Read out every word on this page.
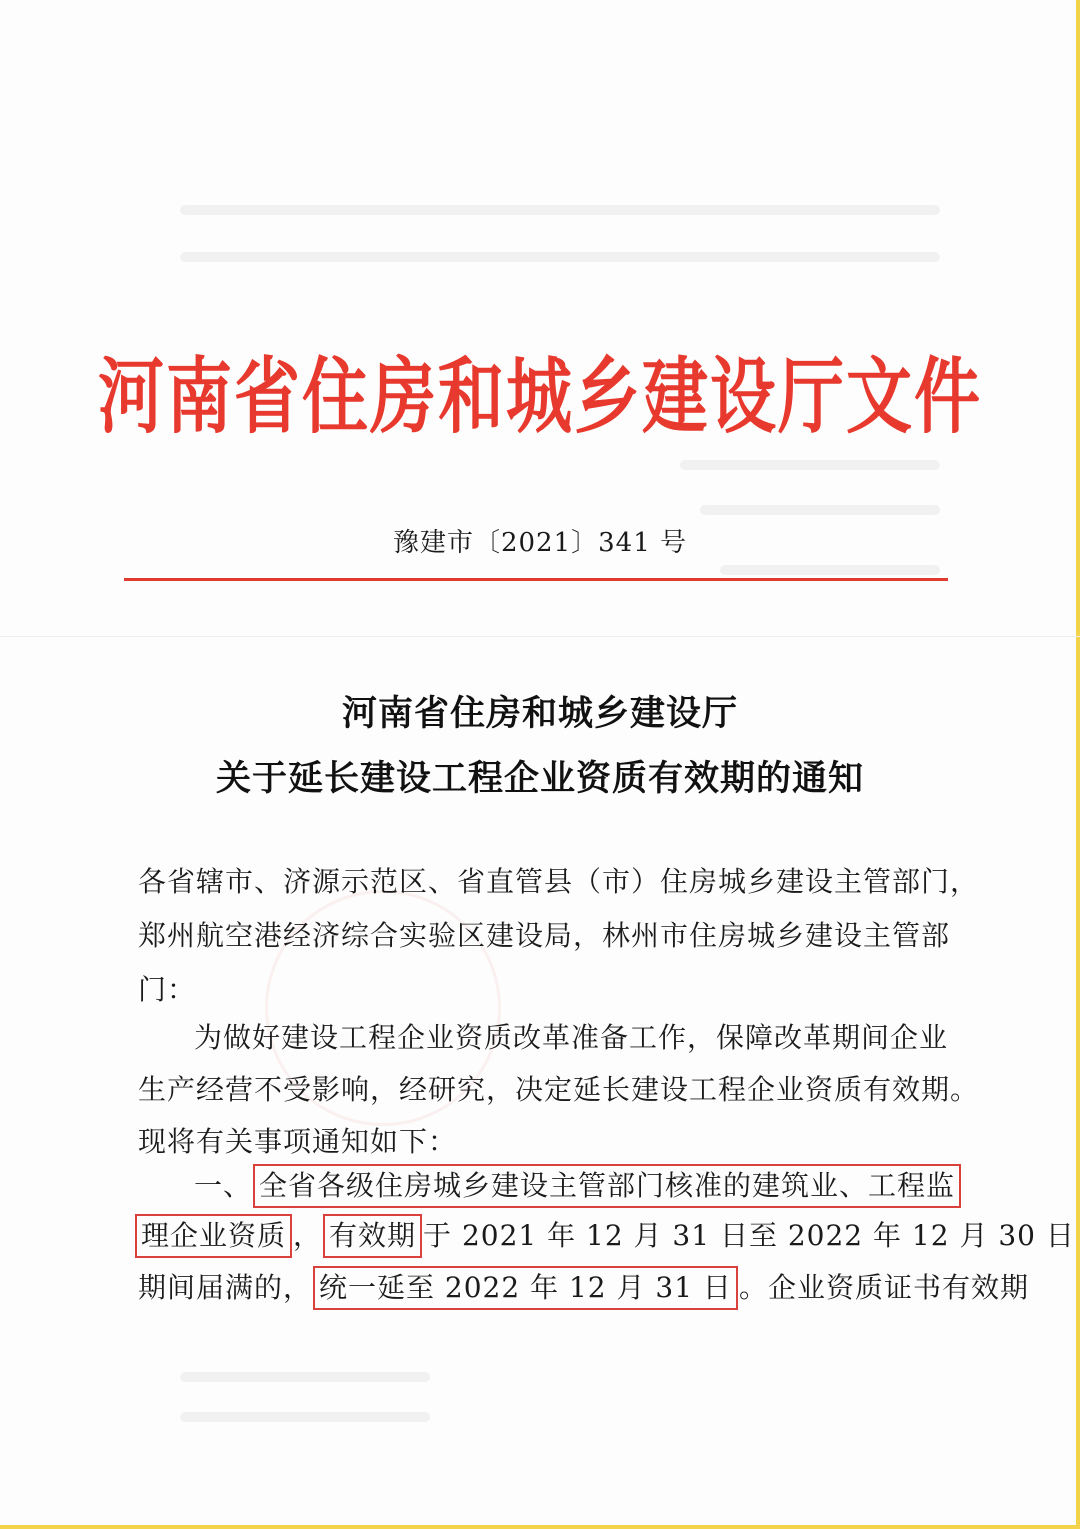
河南省住房和城乡建设厅文件
豫建市〔2021〕341 号
河南省住房和城乡建设厅
关于延长建设工程企业资质有效期的通知
各省辖市、济源示范区、省直管县（市）住房城乡建设主管部门，
郑州航空港经济综合实验区建设局，林州市住房城乡建设主管部
门：
为做好建设工程企业资质改革准备工作，保障改革期间企业
生产经营不受影响，经研究，决定延长建设工程企业资质有效期。
现将有关事项通知如下：
一、 全省各级住房城乡建设主管部门核准的建筑业、工程监
理企业资质 ， 有效期 于 2021 年 12 月 31 日至 2022 年 12 月 30 日
期间届满的， 统一延至 2022 年 12 月 31 日 。企业资质证书有效期
